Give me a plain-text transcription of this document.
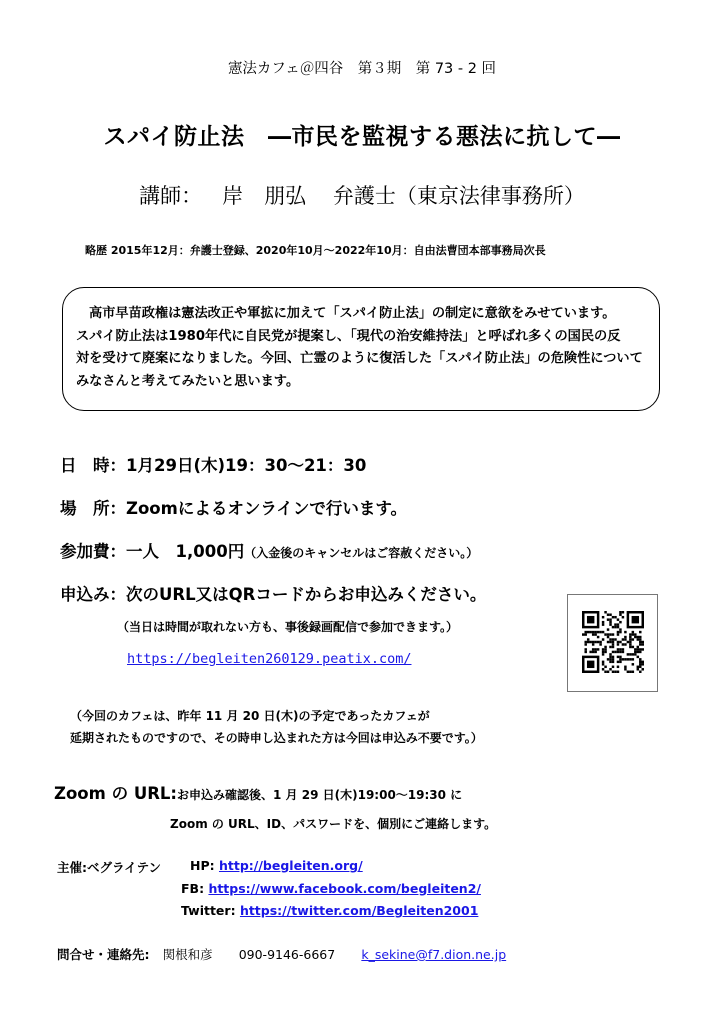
憲法カフェ＠四谷　第３期　第 73 - 2 回
スパイ防止法　―市民を監視する悪法に抗して―
講師： 岸　朋弘 弁護士（東京法律事務所）
略歴 2015年12月：弁護士登録、2020年10月～2022年10月：自由法曹団本部事務局次長
高市早苗政権は憲法改正や軍拡に加えて「スパイ防止法」の制定に意欲をみせています。
スパイ防止法は1980年代に自民党が提案し、「現代の治安維持法」と呼ばれ多くの国民の反
対を受けて廃案になりました。今回、亡霊のように復活した「スパイ防止法」の危険性について
みなさんと考えてみたいと思います。
日　時：1月29日(木)19：30～21：30
場　所：Zoomによるオンラインで行います。
参加費：一人　1,000円（入金後のキャンセルはご容赦ください。）
申込み：次のURL又はQRコードからお申込みください。
（当日は時間が取れない方も、事後録画配信で参加できます。）
https://begleiten260129.peatix.com/
（今回のカフェは、昨年 11 月 20 日(木)の予定であったカフェが
延期されたものですので、その時申し込まれた方は今回は申込み不要です。）
Zoom の URL:お申込み確認後、1 月 29 日(木)19:00～19:30 に
Zoom の URL、ID、パスワードを、個別にご連絡します。
主催:ベグライテン HP: http://begleiten.org/
FB: https://www.facebook.com/begleiten2/
Twitter: https://twitter.com/Begleiten2001
問合せ・連絡先: 関根和彦 090-9146-6667 k_sekine@f7.dion.ne.jp
